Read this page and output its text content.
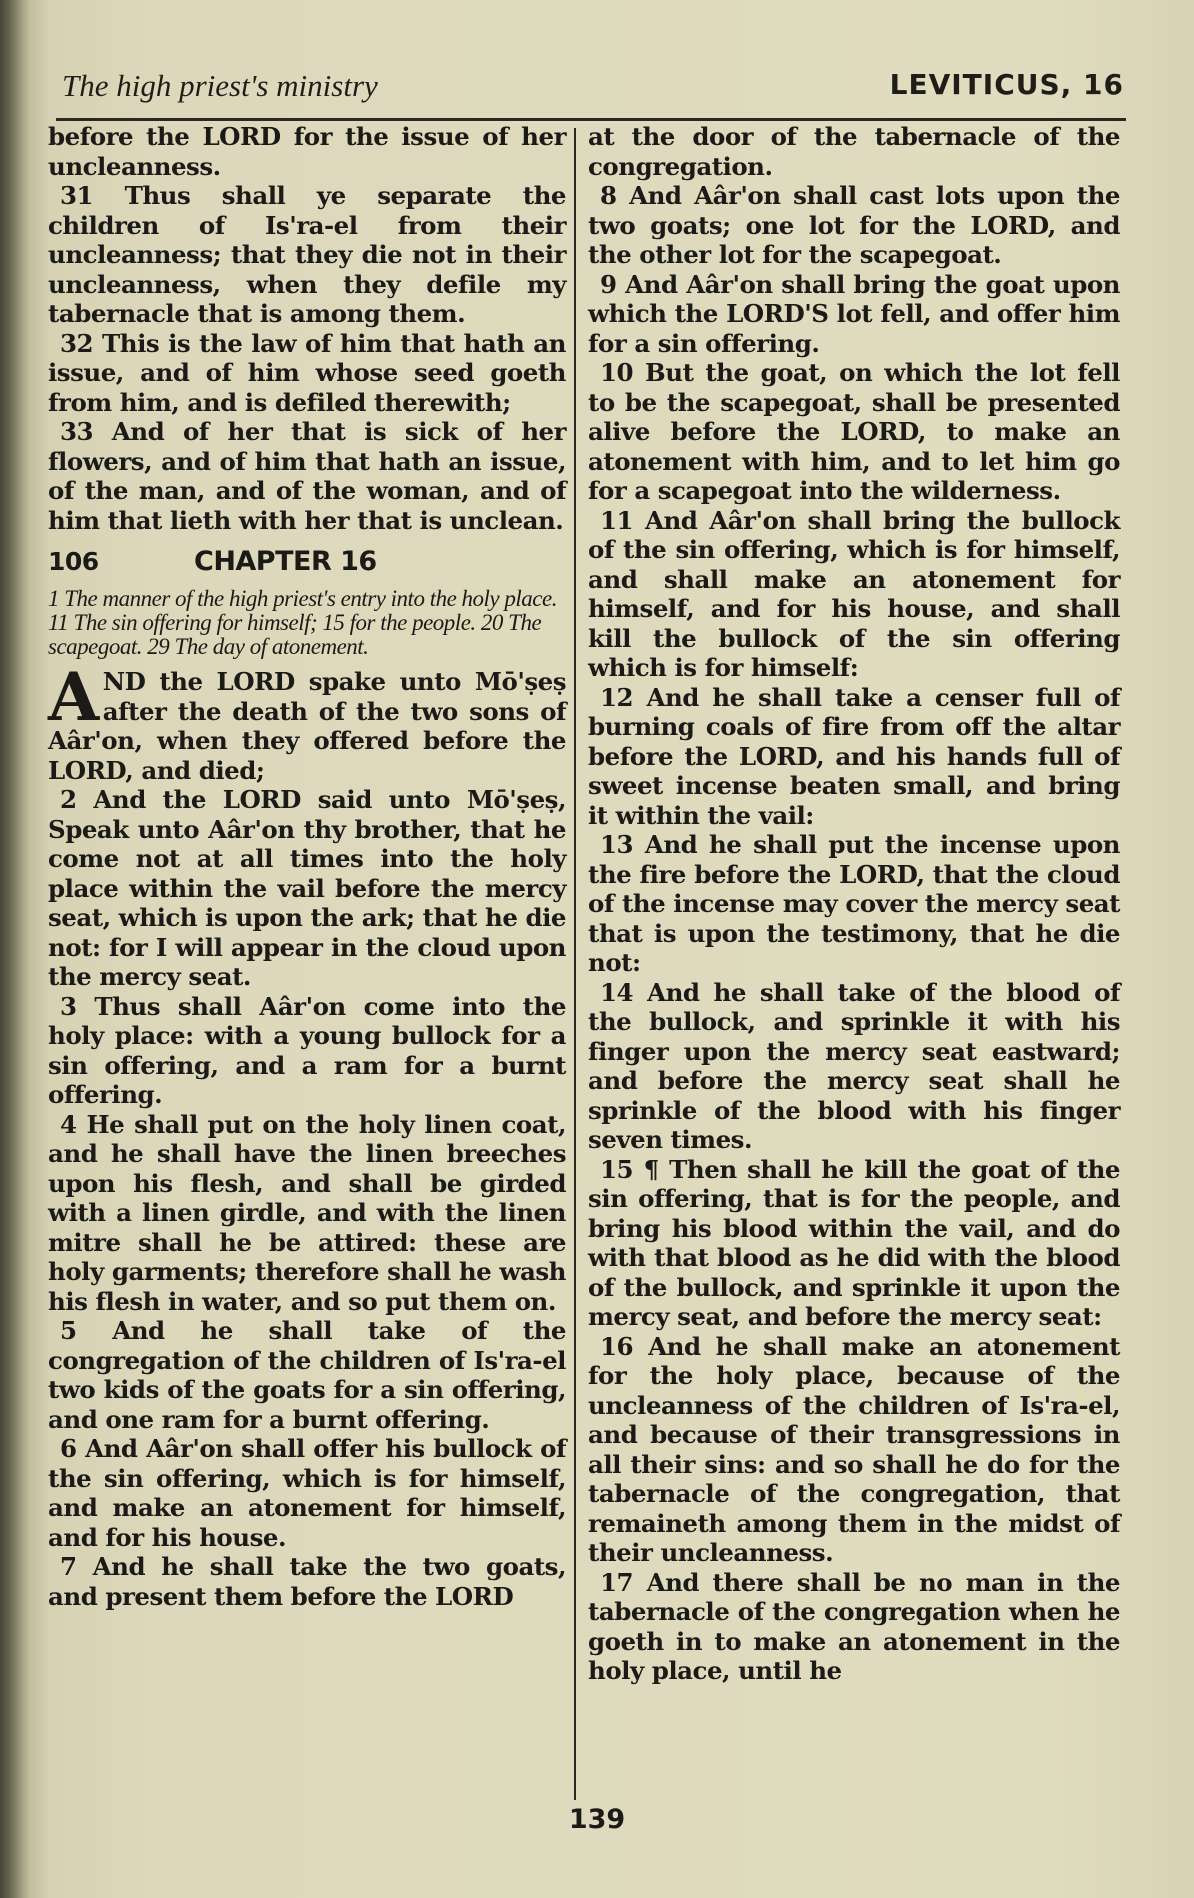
The high priest's ministry	LEVITICUS, 16

before the LORD for the issue of her uncleanness.

31 Thus shall ye separate the children of Is'ra-el from their uncleanness; that they die not in their uncleanness, when they defile my tabernacle that is among them.

32 This is the law of him that hath an issue, and of him whose seed goeth from him, and is defiled therewith;

33 And of her that is sick of her flowers, and of him that hath an issue, of the man, and of the woman, and of him that lieth with her that is unclean.

106	CHAPTER 16

1 The manner of the high priest's entry into the holy place. 11 The sin offering for himself; 15 for the people. 20 The scapegoat. 29 The day of atonement.

AND the LORD spake unto Mō'ṣeṣ after the death of the two sons of Aâr'on, when they offered before the LORD, and died;

2 And the LORD said unto Mō'ṣeṣ, Speak unto Aâr'on thy brother, that he come not at all times into the holy place within the vail before the mercy seat, which is upon the ark; that he die not: for I will appear in the cloud upon the mercy seat.

3 Thus shall Aâr'on come into the holy place: with a young bullock for a sin offering, and a ram for a burnt offering.

4 He shall put on the holy linen coat, and he shall have the linen breeches upon his flesh, and shall be girded with a linen girdle, and with the linen mitre shall he be attired: these are holy garments; therefore shall he wash his flesh in water, and so put them on.

5 And he shall take of the congregation of the children of Is'ra-el two kids of the goats for a sin offering, and one ram for a burnt offering.

6 And Aâr'on shall offer his bullock of the sin offering, which is for himself, and make an atonement for himself, and for his house.

7 And he shall take the two goats, and present them before the LORD

at the door of the tabernacle of the congregation.

8 And Aâr'on shall cast lots upon the two goats; one lot for the LORD, and the other lot for the scapegoat.

9 And Aâr'on shall bring the goat upon which the LORD'S lot fell, and offer him for a sin offering.

10 But the goat, on which the lot fell to be the scapegoat, shall be presented alive before the LORD, to make an atonement with him, and to let him go for a scapegoat into the wilderness.

11 And Aâr'on shall bring the bullock of the sin offering, which is for himself, and shall make an atonement for himself, and for his house, and shall kill the bullock of the sin offering which is for himself:

12 And he shall take a censer full of burning coals of fire from off the altar before the LORD, and his hands full of sweet incense beaten small, and bring it within the vail:

13 And he shall put the incense upon the fire before the LORD, that the cloud of the incense may cover the mercy seat that is upon the testimony, that he die not:

14 And he shall take of the blood of the bullock, and sprinkle it with his finger upon the mercy seat eastward; and before the mercy seat shall he sprinkle of the blood with his finger seven times.

15 ¶ Then shall he kill the goat of the sin offering, that is for the people, and bring his blood within the vail, and do with that blood as he did with the blood of the bullock, and sprinkle it upon the mercy seat, and before the mercy seat:

16 And he shall make an atonement for the holy place, because of the uncleanness of the children of Is'ra-el, and because of their transgressions in all their sins: and so shall he do for the tabernacle of the congregation, that remaineth among them in the midst of their uncleanness.

17 And there shall be no man in the tabernacle of the congregation when he goeth in to make an atonement in the holy place, until he

139
